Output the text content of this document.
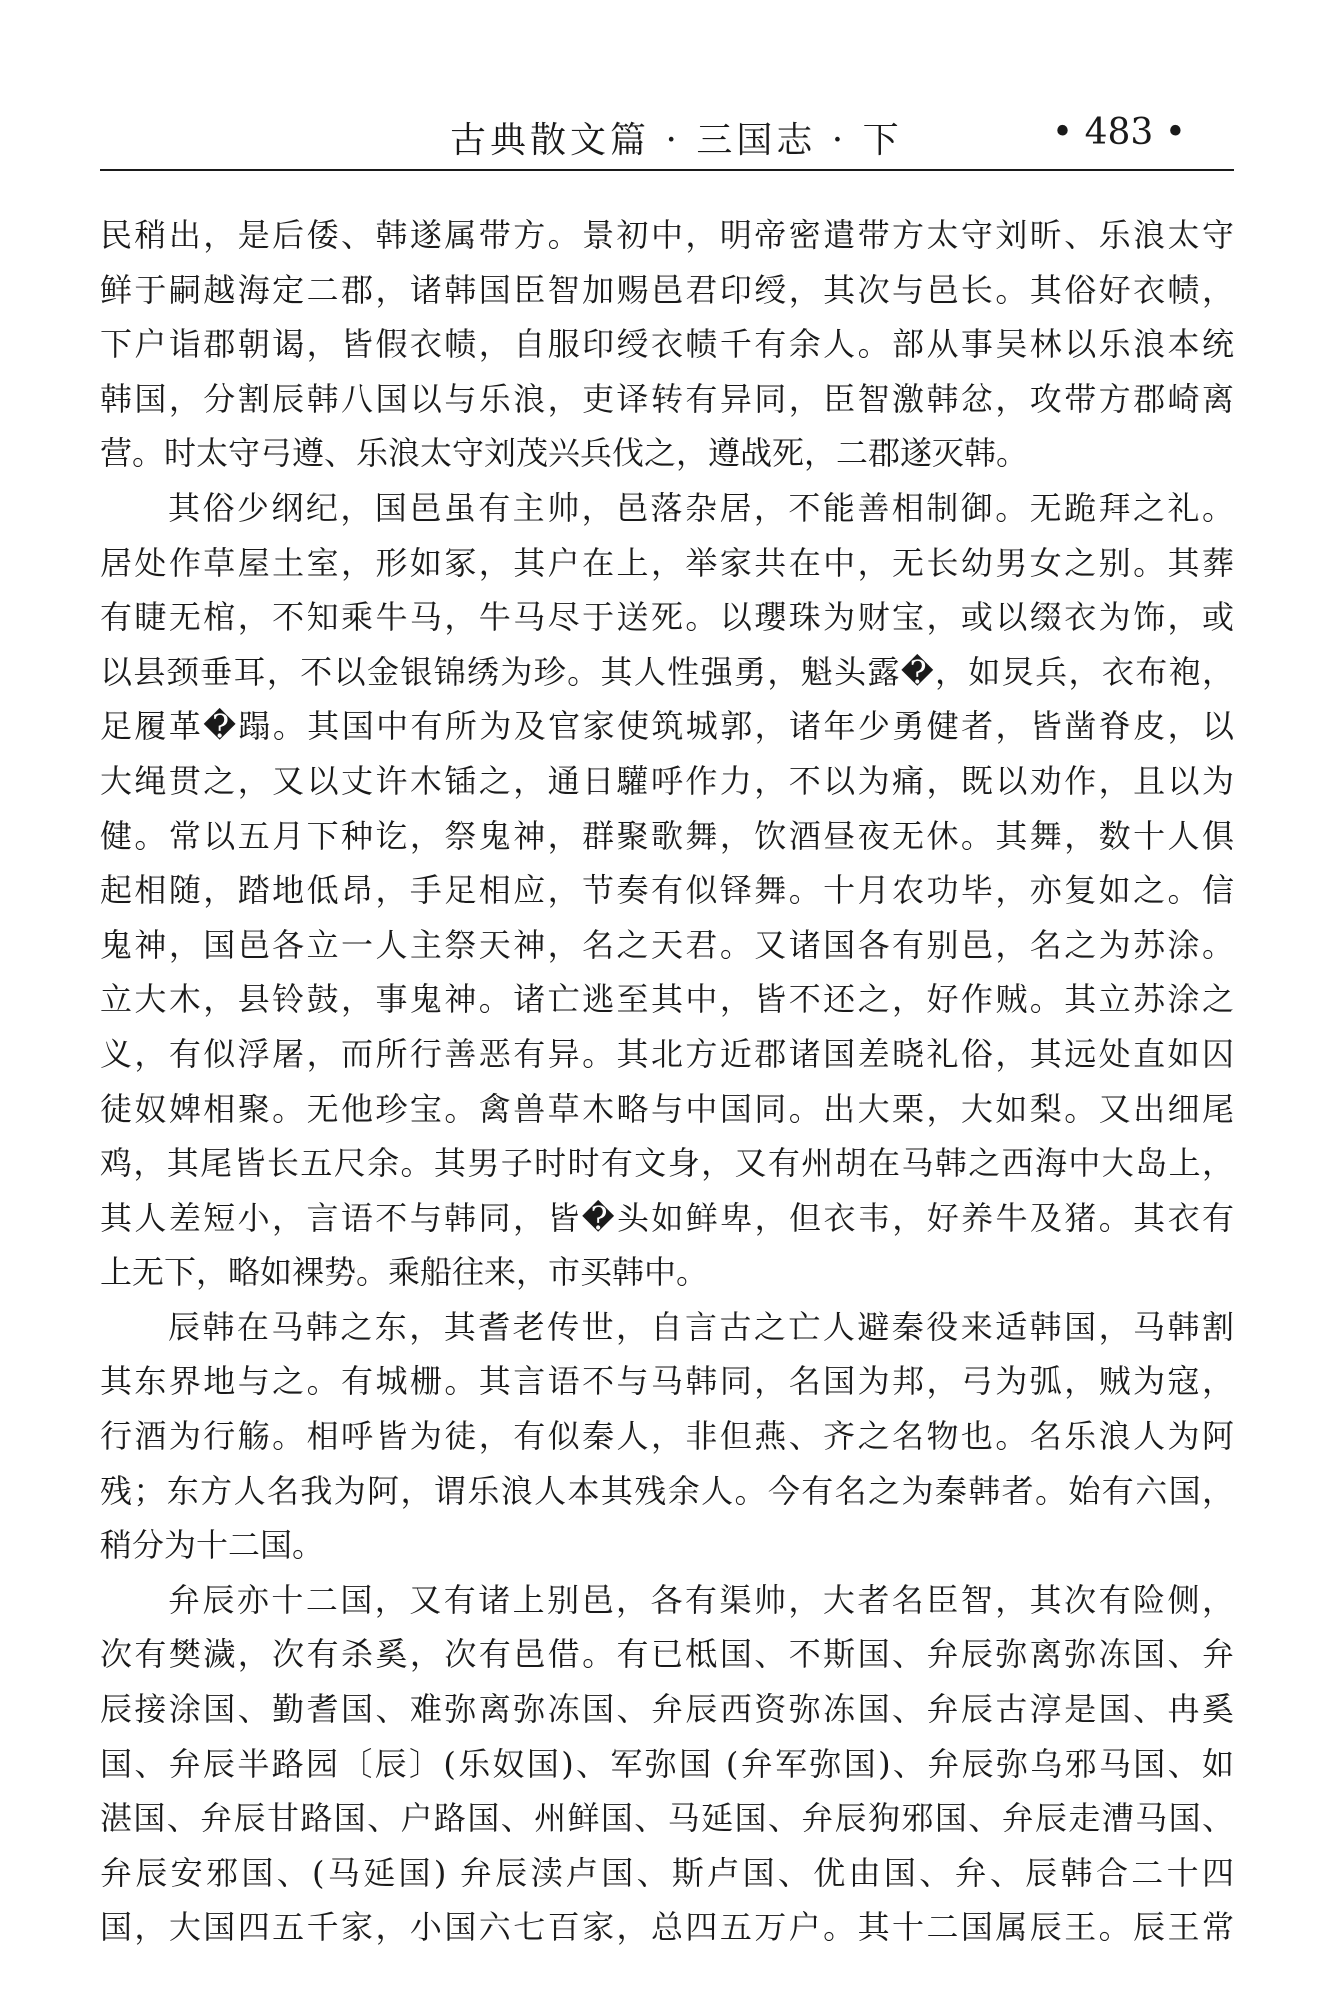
古典散文篇 · 三国志 · 下	• 483 •
民稍出，是后倭、韩遂属带方。景初中，明帝密遣带方太守刘昕、乐浪太守
鲜于嗣越海定二郡，诸韩国臣智加赐邑君印绶，其次与邑长。其俗好衣帻，
下户诣郡朝谒，皆假衣帻，自服印绶衣帻千有余人。部从事吴林以乐浪本统
韩国，分割辰韩八国以与乐浪，吏译转有异同，臣智激韩忿，攻带方郡崎离
营。时太守弓遵、乐浪太守刘茂兴兵伐之，遵战死，二郡遂灭韩。
其俗少纲纪，国邑虽有主帅，邑落杂居，不能善相制御。无跪拜之礼。
居处作草屋土室，形如冢，其户在上，举家共在中，无长幼男女之别。其葬
有睫无棺，不知乘牛马，牛马尽于送死。以瓔珠为财宝，或以缀衣为饰，或
以县颈垂耳，不以金银锦绣为珍。其人性强勇，魁头露�，如炅兵，衣布袍，
足履革�蹋。其国中有所为及官家使筑城郭，诸年少勇健者，皆凿脊皮，以
大绳贯之，又以丈许木锸之，通日驩呼作力，不以为痛，既以劝作，且以为
健。常以五月下种讫，祭鬼神，群聚歌舞，饮酒昼夜无休。其舞，数十人俱
起相随，踏地低昂，手足相应，节奏有似铎舞。十月农功毕，亦复如之。信
鬼神，国邑各立一人主祭天神，名之天君。又诸国各有别邑，名之为苏涂。
立大木，县铃鼓，事鬼神。诸亡逃至其中，皆不还之，好作贼。其立苏涂之
义，有似浮屠，而所行善恶有异。其北方近郡诸国差晓礼俗，其远处直如囚
徒奴婢相聚。无他珍宝。禽兽草木略与中国同。出大栗，大如梨。又出细尾
鸡，其尾皆长五尺余。其男子时时有文身，又有州胡在马韩之西海中大岛上，
其人差短小，言语不与韩同，皆�头如鲜卑，但衣韦，好养牛及猪。其衣有
上无下，略如裸势。乘船往来，市买韩中。
辰韩在马韩之东，其耆老传世，自言古之亡人避秦役来适韩国，马韩割
其东界地与之。有城栅。其言语不与马韩同，名国为邦，弓为弧，贼为寇，
行酒为行觞。相呼皆为徒，有似秦人，非但燕、齐之名物也。名乐浪人为阿
残；东方人名我为阿，谓乐浪人本其残余人。今有名之为秦韩者。始有六国，
稍分为十二国。
弁辰亦十二国，又有诸上别邑，各有渠帅，大者名臣智，其次有险侧，
次有樊濊，次有杀奚，次有邑借。有已柢国、不斯国、弁辰弥离弥冻国、弁
辰接涂国、勤耆国、难弥离弥冻国、弁辰西资弥冻国、弁辰古淳是国、冉奚
国、弁辰半路园〔辰〕(乐奴国)、军弥国 (弁军弥国)、弁辰弥乌邪马国、如
湛国、弁辰甘路国、户路国、州鲜国、马延国、弁辰狗邪国、弁辰走漕马国、
弁辰安邪国、(马延国) 弁辰渎卢国、斯卢国、优由国、弁、辰韩合二十四
国，大国四五千家，小国六七百家，总四五万户。其十二国属辰王。辰王常
